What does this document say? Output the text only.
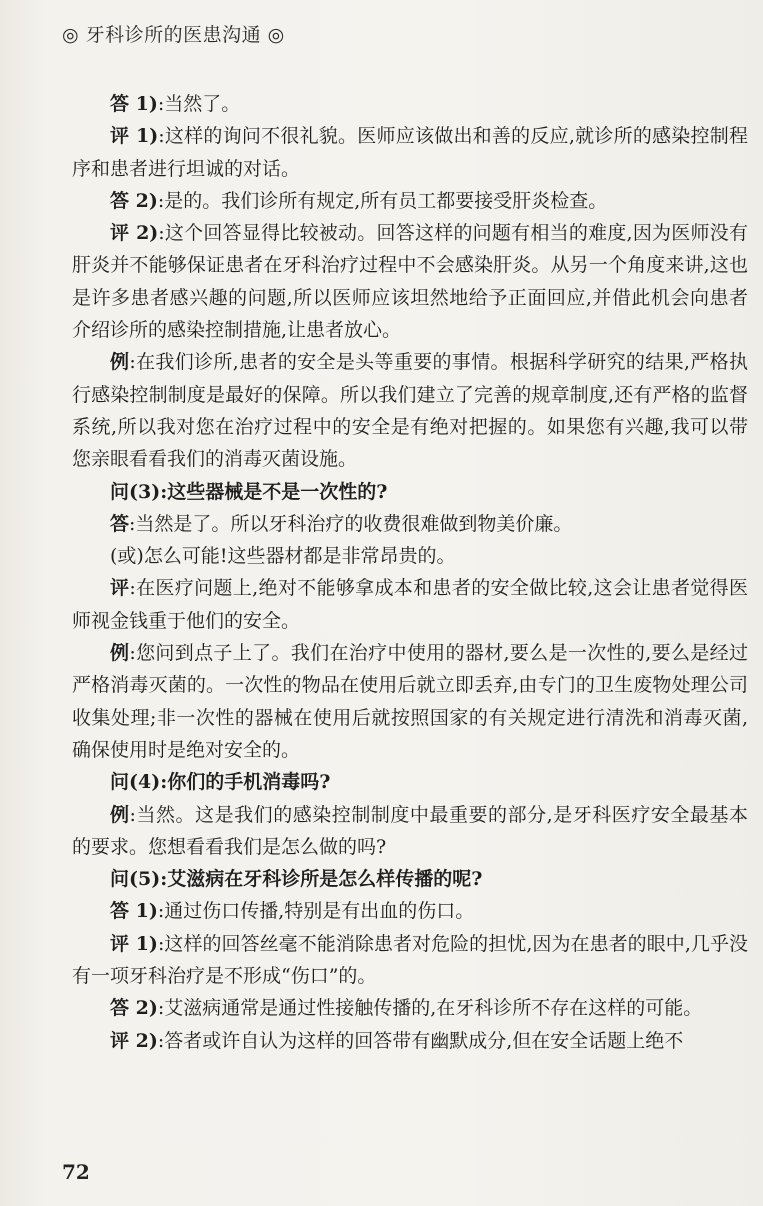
◎ 牙科诊所的医患沟通 ◎

答 1):当然了。

评 1):这样的询问不很礼貌。医师应该做出和善的反应,就诊所的感染控制程序和患者进行坦诚的对话。

答 2):是的。我们诊所有规定,所有员工都要接受肝炎检查。

评 2):这个回答显得比较被动。回答这样的问题有相当的难度,因为医师没有肝炎并不能够保证患者在牙科治疗过程中不会感染肝炎。从另一个角度来讲,这也是许多患者感兴趣的问题,所以医师应该坦然地给予正面回应,并借此机会向患者介绍诊所的感染控制措施,让患者放心。

例:在我们诊所,患者的安全是头等重要的事情。根据科学研究的结果,严格执行感染控制制度是最好的保障。所以我们建立了完善的规章制度,还有严格的监督系统,所以我对您在治疗过程中的安全是有绝对把握的。如果您有兴趣,我可以带您亲眼看看我们的消毒灭菌设施。

问(3):这些器械是不是一次性的?

答:当然是了。所以牙科治疗的收费很难做到物美价廉。

(或)怎么可能!这些器材都是非常昂贵的。

评:在医疗问题上,绝对不能够拿成本和患者的安全做比较,这会让患者觉得医师视金钱重于他们的安全。

例:您问到点子上了。我们在治疗中使用的器材,要么是一次性的,要么是经过严格消毒灭菌的。一次性的物品在使用后就立即丢弃,由专门的卫生废物处理公司收集处理;非一次性的器械在使用后就按照国家的有关规定进行清洗和消毒灭菌,确保使用时是绝对安全的。

问(4):你们的手机消毒吗?

例:当然。这是我们的感染控制制度中最重要的部分,是牙科医疗安全最基本的要求。您想看看我们是怎么做的吗?

问(5):艾滋病在牙科诊所是怎么样传播的呢?

答 1):通过伤口传播,特别是有出血的伤口。

评 1):这样的回答丝毫不能消除患者对危险的担忧,因为在患者的眼中,几乎没有一项牙科治疗是不形成“伤口”的。

答 2):艾滋病通常是通过性接触传播的,在牙科诊所不存在这样的可能。

评 2):答者或许自认为这样的回答带有幽默成分,但在安全话题上绝不

72
